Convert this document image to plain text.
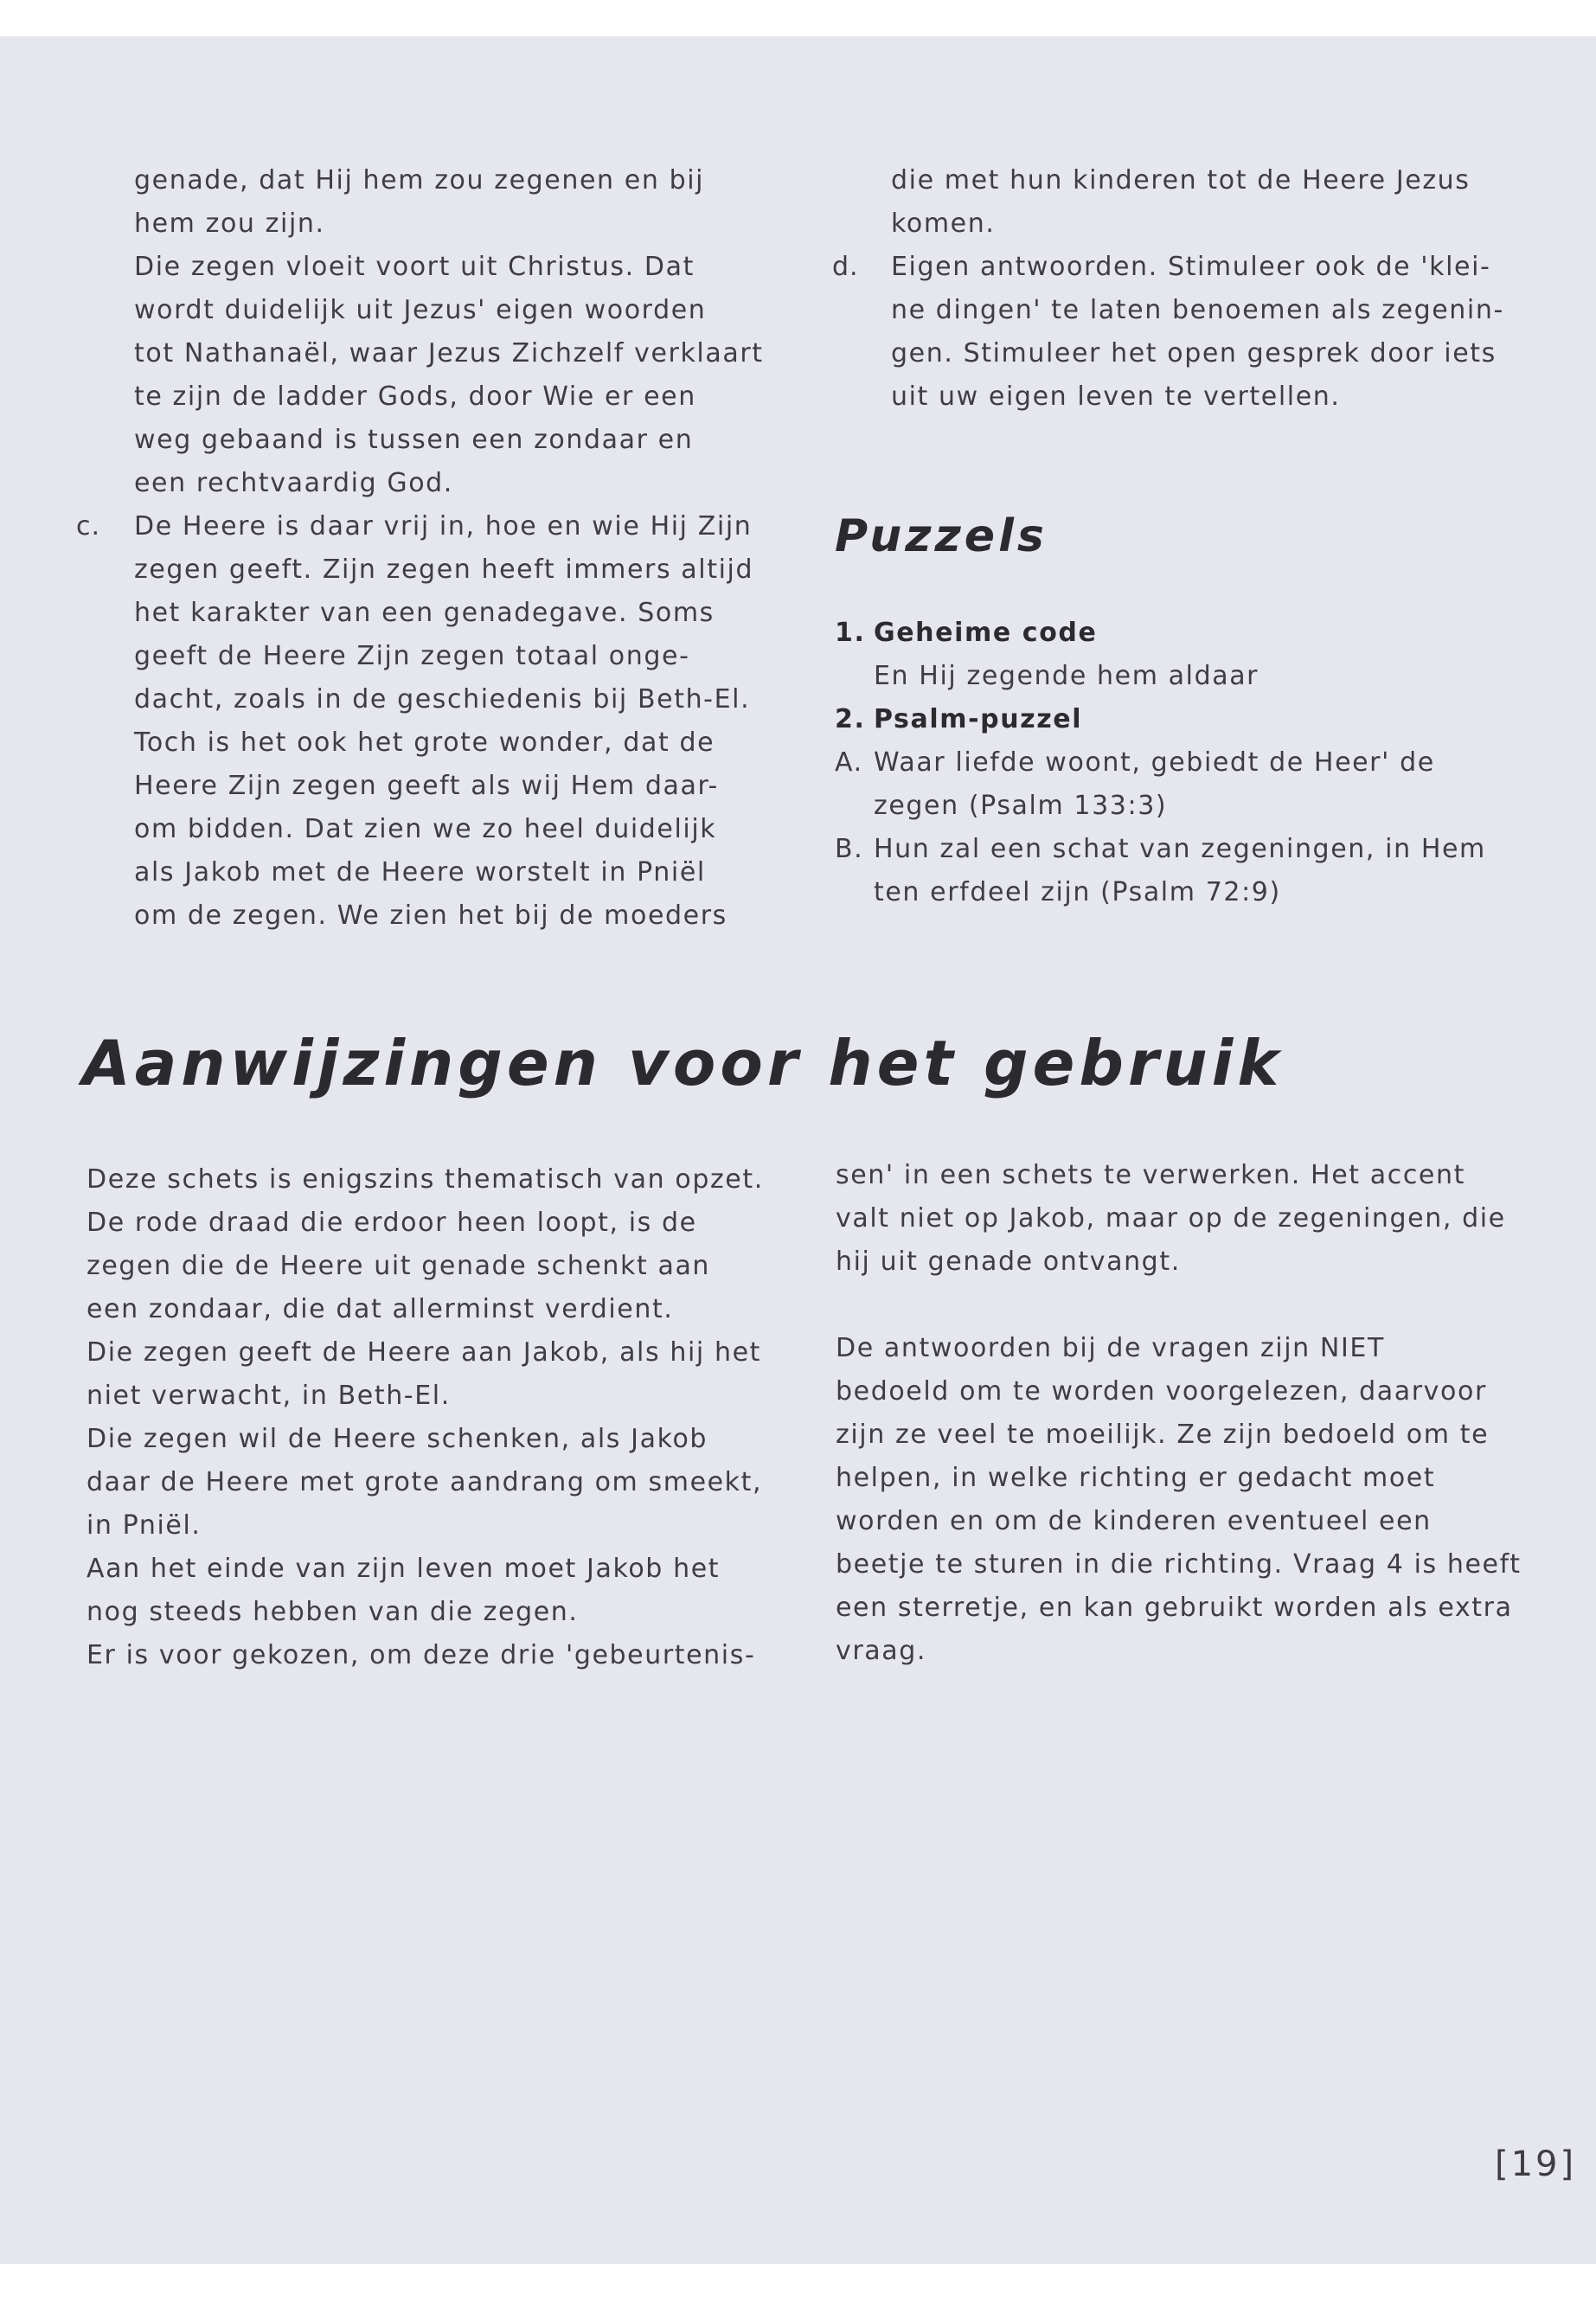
genade, dat Hij hem zou zegenen en bij

hem zou zijn.

Die zegen vloeit voort uit Christus. Dat

wordt duidelijk uit Jezus' eigen woorden

tot Nathanaël, waar Jezus Zichzelf verklaart

te zijn de ladder Gods, door Wie er een

weg gebaand is tussen een zondaar en

een rechtvaardig God.

De Heere is daar vrij in, hoe en wie Hij Zijn

zegen geeft. Zijn zegen heeft immers altijd

het karakter van een genadegave. Soms

geeft de Heere Zijn zegen totaal onge-

dacht, zoals in de geschiedenis bij Beth-El.

Toch is het ook het grote wonder, dat de

Heere Zijn zegen geeft als wij Hem daar-

om bidden. Dat zien we zo heel duidelijk

als Jakob met de Heere worstelt in Pniël

om de zegen. We zien het bij de moeders

c.

die met hun kinderen tot de Heere Jezus

komen.

Eigen antwoorden. Stimuleer ook de 'klei-

ne dingen' te laten benoemen als zegenin-

gen. Stimuleer het open gesprek door iets

uit uw eigen leven te vertellen.

d.
Puzzels
1. Geheime code
En Hij zegende hem aldaar
2. Psalm-puzzel
A. Waar liefde woont, gebiedt de Heer' de
zegen (Psalm 133:3)
B. Hun zal een schat van zegeningen, in Hem
ten erfdeel zijn (Psalm 72:9)
Aanwijzingen voor het gebruik

Deze schets is enigszins thematisch van opzet.

De rode draad die erdoor heen loopt, is de

zegen die de Heere uit genade schenkt aan

een zondaar, die dat allerminst verdient.

Die zegen geeft de Heere aan Jakob, als hij het

niet verwacht, in Beth-El.

Die zegen wil de Heere schenken, als Jakob

daar de Heere met grote aandrang om smeekt,

in Pniël.

Aan het einde van zijn leven moet Jakob het

nog steeds hebben van die zegen.

Er is voor gekozen, om deze drie 'gebeurtenis-

sen' in een schets te verwerken. Het accent

valt niet op Jakob, maar op de zegeningen, die

hij uit genade ontvangt.

De antwoorden bij de vragen zijn NIET

bedoeld om te worden voorgelezen, daarvoor

zijn ze veel te moeilijk. Ze zijn bedoeld om te

helpen, in welke richting er gedacht moet

worden en om de kinderen eventueel een

beetje te sturen in die richting. Vraag 4 is heeft

een sterretje, en kan gebruikt worden als extra

vraag.

[19]
